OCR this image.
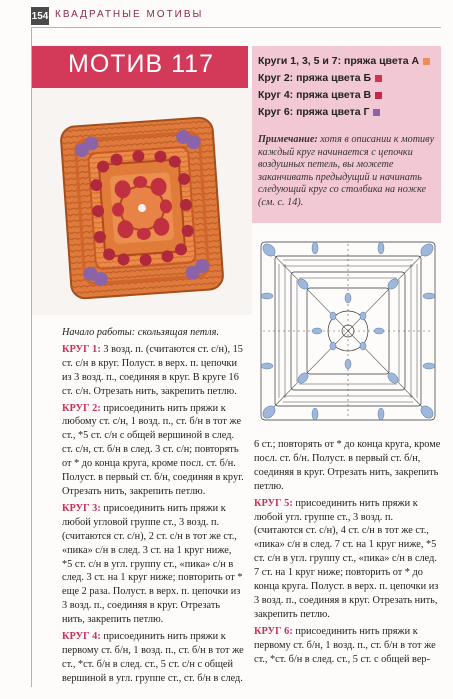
154 КВАДРАТНЫЕ МОТИВЫ
МОТИВ 117	Круги 1, 3, 5 и 7: пряжа цвета А
Круг 2: пряжа цвета Б
Круг 4: пряжа цвета В
Круг 6: пряжа цвета Г
Примечание: хотя в описании к мотиву каждый круг начинается с цепочки воздушных петель, вы можете заканчивать предыдущий и начинать следующий круг со столбика на ножке (см. с. 14).
Начало работы: скользящая петля.
КРУГ 1: 3 возд. п. (считаются ст. с/н), 15 ст. с/н в круг. Полуст. в верх. п. цепочки из 3 возд. п., соединяя в круг. В круге 16 ст. с/н. Отрезать нить, закрепить петлю.
КРУГ 2: присоединить нить пряжи к любому ст. с/н, 1 возд. п., ст. б/н в тот же ст., *5 ст. с/н с общей вершиной в след. ст. с/н, ст. б/н в след. 3 ст. с/н; повторять от * до конца круга, кроме посл. ст. б/н. Полуст. в первый ст. б/н, соединяя в круг. Отрезать нить, закрепить петлю.
КРУГ 3: присоединить нить пряжи к любой угловой группе ст., 3 возд. п. (считаются ст. с/н), 2 ст. с/н в тот же ст., «пика» с/н в след. 3 ст. на 1 круг ниже, *5 ст. с/н в угл. группу ст., «пика» с/н в след. 3 ст. на 1 круг ниже; повторить от * еще 2 раза. Полуст. в верх. п. цепочки из 3 возд. п., соединяя в круг. Отрезать нить, закрепить петлю.
КРУГ 4: присоединить нить пряжи к первому ст. б/н, 1 возд. п., ст. б/н в тот же ст., *ст. б/н в след. ст., 5 ст. с/н с общей вершиной в угл. группе ст., ст. б/н в след.
6 ст.; повторять от * до конца круга, кроме посл. ст. б/н. Полуст. в первый ст. б/н, соединяя в круг. Отрезать нить, закрепить петлю.
КРУГ 5: присоединить нить пряжи к любой угл. группе ст., 3 возд. п. (считаются ст. с/н), 4 ст. с/н в тот же ст., «пика» с/н в след. 7 ст. на 1 круг ниже, *5 ст. с/н в угл. группу ст., «пика» с/н в след. 7 ст. на 1 круг ниже; повторить от * до конца круга. Полуст. в верх. п. цепочки из 3 возд. п., соединяя в круг. Отрезать нить, закрепить петлю.
КРУГ 6: присоединить нить пряжи к первому ст. б/н, 1 возд. п., ст. б/н в тот же ст., *ст. б/н в след. ст., 5 ст. с общей вер-
